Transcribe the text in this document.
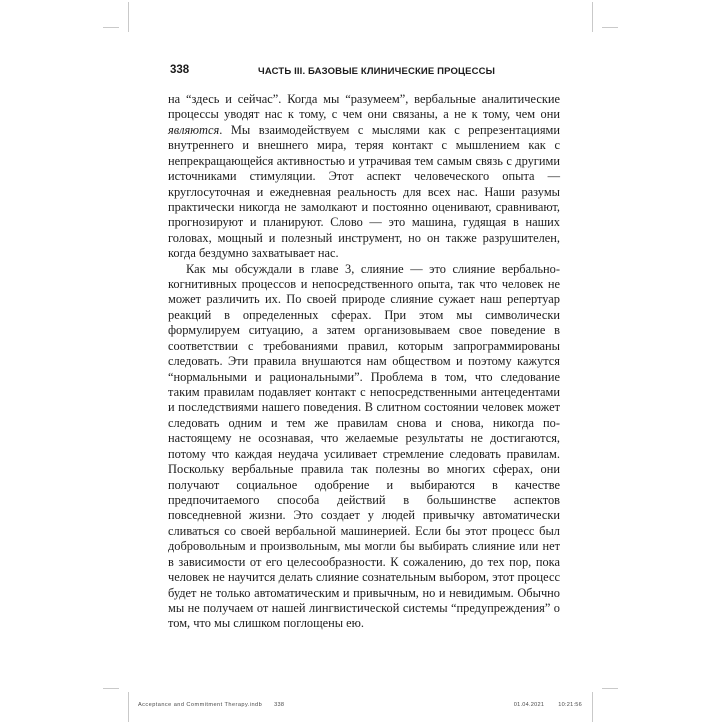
338	ЧАСТЬ III. БАЗОВЫЕ КЛИНИЧЕСКИЕ ПРОЦЕССЫ

на “здесь и сейчас”. Когда мы “разумеем”, вербальные аналитические процессы уводят нас к тому, с чем они связаны, а не к тому, чем они являются. Мы взаимодействуем с мыслями как с репрезентациями внутреннего и внешнего мира, теряя контакт с мышлением как с непрекращающейся активностью и утрачивая тем самым связь с другими источниками стимуляции. Этот аспект человеческого опыта — круглосуточная и ежедневная реальность для всех нас. Наши разумы практически никогда не замолкают и постоянно оценивают, сравнивают, прогнозируют и планируют. Слово — это машина, гудящая в наших головах, мощный и полезный инструмент, но он также разрушителен, когда бездумно захватывает нас.

Как мы обсуждали в главе 3, слияние — это слияние вербально-когнитивных процессов и непосредственного опыта, так что человек не может различить их. По своей природе слияние сужает наш репертуар реакций в определенных сферах. При этом мы символически формулируем ситуацию, а затем организовываем свое поведение в соответствии с требованиями правил, которым запрограммированы следовать. Эти правила внушаются нам обществом и поэтому кажутся “нормальными и рациональными”. Проблема в том, что следование таким правилам подавляет контакт с непосредственными антецедентами и последствиями нашего поведения. В слитном состоянии человек может следовать одним и тем же правилам снова и снова, никогда по-настоящему не осознавая, что желаемые результаты не достигаются, потому что каждая неудача усиливает стремление следовать правилам. Поскольку вербальные правила так полезны во многих сферах, они получают социальное одобрение и выбираются в качестве предпочитаемого способа действий в большинстве аспектов повседневной жизни. Это создает у людей привычку автоматически сливаться со своей вербальной машинерией. Если бы этот процесс был добровольным и произвольным, мы могли бы выбирать слияние или нет в зависимости от его целесообразности. К сожалению, до тех пор, пока человек не научится делать слияние сознательным выбором, этот процесс будет не только автоматическим и привычным, но и невидимым. Обычно мы не получаем от нашей лингвистической системы “предупреждения” о том, что мы слишком поглощены ею.

Acceptance and Commitment Therapy.indb 338	01.04.2021	10:21:56
